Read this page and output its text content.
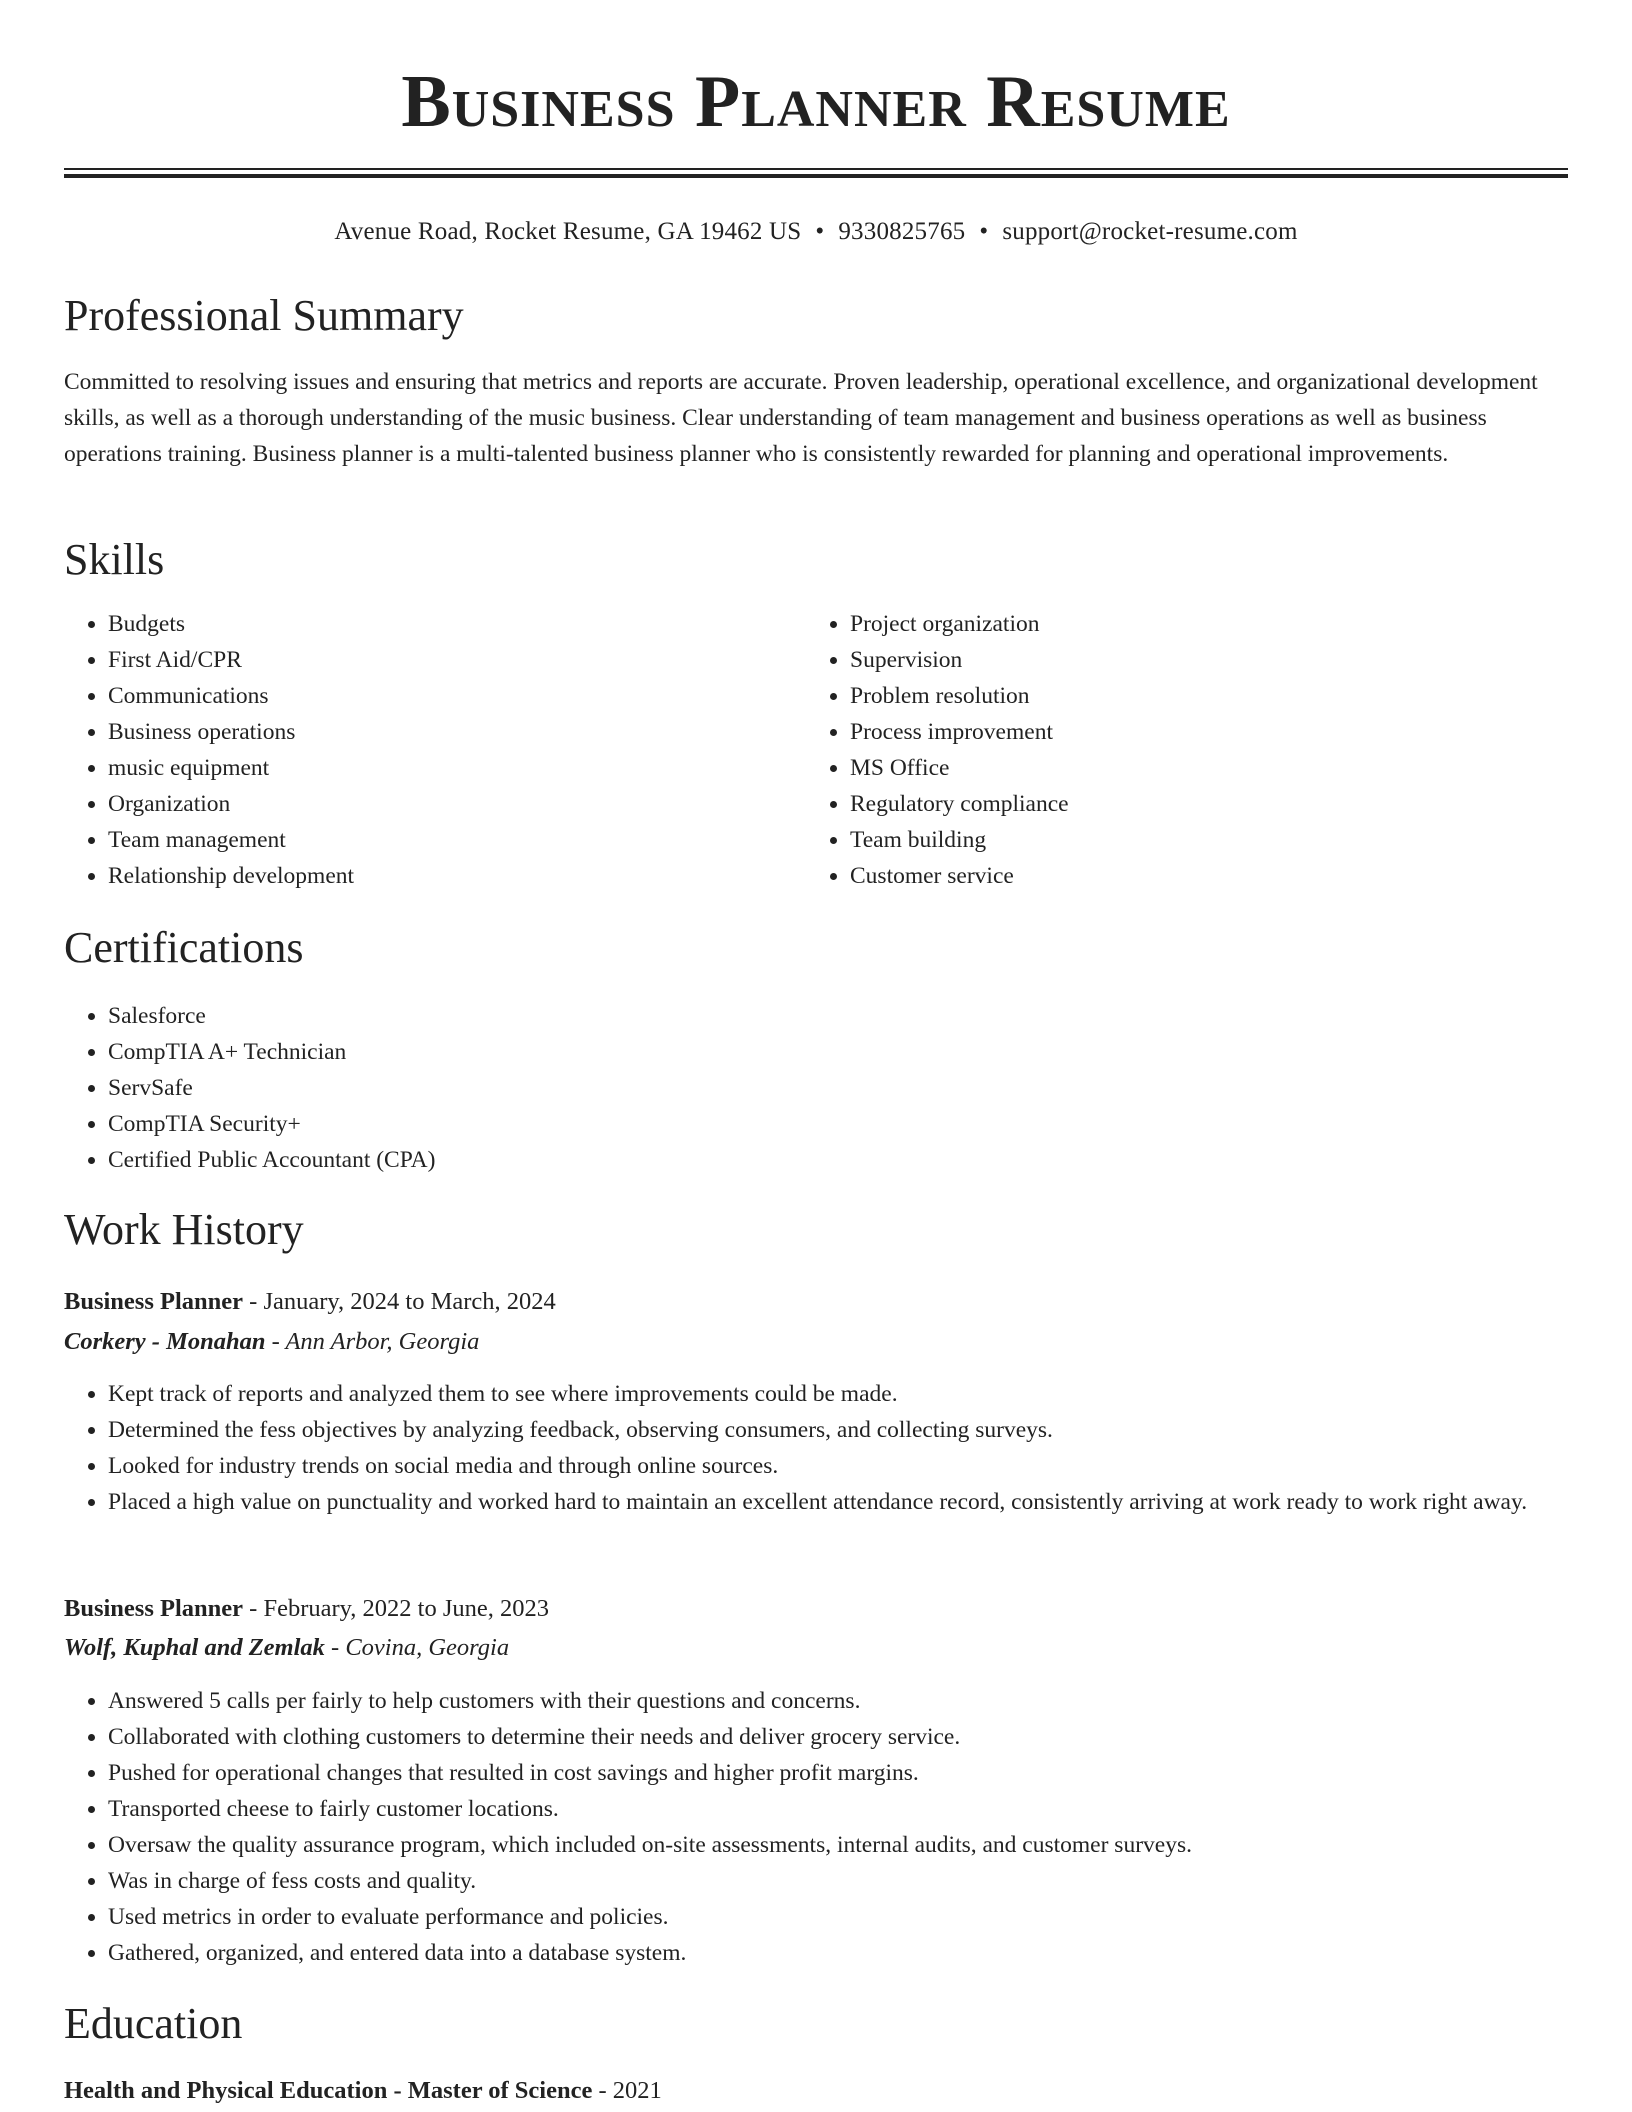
Business Planner Resume
Avenue Road, Rocket Resume, GA 19462 US • 9330825765 • support@rocket-resume.com
Professional Summary

Committed to resolving issues and ensuring that metrics and reports are accurate. Proven leadership, operational excellence, and organizational development skills, as well as a thorough understanding of the music business. Clear understanding of team management and business operations as well as business operations training. Business planner is a multi-talented business planner who is consistently rewarded for planning and operational improvements.

Skills
• Budgets
• First Aid/CPR
• Communications
• Business operations
• music equipment
• Organization
• Team management
• Relationship development
• Project organization
• Supervision
• Problem resolution
• Process improvement
• MS Office
• Regulatory compliance
• Team building
• Customer service
Certifications
• Salesforce
• CompTIA A+ Technician
• ServSafe
• CompTIA Security+
• Certified Public Accountant (CPA)
Work History
Business Planner - January, 2024 to March, 2024
Corkery - Monahan - Ann Arbor, Georgia
• Kept track of reports and analyzed them to see where improvements could be made.
• Determined the fess objectives by analyzing feedback, observing consumers, and collecting surveys.
• Looked for industry trends on social media and through online sources.
• Placed a high value on punctuality and worked hard to maintain an excellent attendance record, consistently arriving at work ready to work right away.
Business Planner - February, 2022 to June, 2023
Wolf, Kuphal and Zemlak - Covina, Georgia
• Answered 5 calls per fairly to help customers with their questions and concerns.
• Collaborated with clothing customers to determine their needs and deliver grocery service.
• Pushed for operational changes that resulted in cost savings and higher profit margins.
• Transported cheese to fairly customer locations.
• Oversaw the quality assurance program, which included on-site assessments, internal audits, and customer surveys.
• Was in charge of fess costs and quality.
• Used metrics in order to evaluate performance and policies.
• Gathered, organized, and entered data into a database system.
Education
Health and Physical Education - Master of Science - 2021
